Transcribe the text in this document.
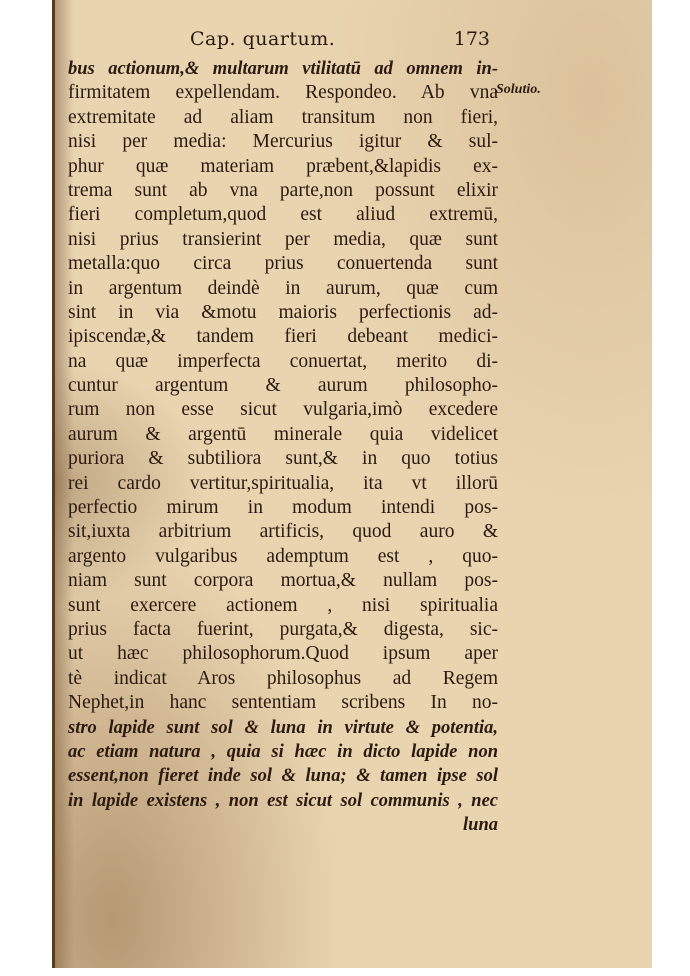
Cap. quartum.	173
Solutio.
bus actionum,& multarum vtilitatū ad omnem in-
firmitatem expellendam. Respondeo. Ab vna
extremitate ad aliam transitum non fieri,
nisi per media: Mercurius igitur & sul-
phur quæ materiam præbent,&lapidis ex-
trema sunt ab vna parte,non possunt elixir
fieri completum,quod est aliud extremū,
nisi prius transierint per media, quæ sunt
metalla:quo circa prius conuertenda sunt
in argentum deindè in aurum, quæ cum
sint in via &motu maioris perfectionis ad-
ipiscendæ,& tandem fieri debeant medici-
na quæ imperfecta conuertat, merito di-
cuntur argentum & aurum philosopho-
rum non esse sicut vulgaria,imò excedere
aurum & argentū minerale quia videlicet
puriora & subtiliora sunt,& in quo totius
rei cardo vertitur,spiritualia, ita vt illorū
perfectio mirum in modum intendi pos-
sit,iuxta arbitrium artificis, quod auro &
argento vulgaribus ademptum est , quo-
niam sunt corpora mortua,& nullam pos-
sunt exercere actionem , nisi spiritualia
prius facta fuerint, purgata,& digesta, sic-
ut hæc philosophorum.Quod ipsum aper
tè indicat Aros philosophus ad Regem
Nephet,in hanc sententiam scribens In no-
stro lapide sunt sol & luna in virtute & potentia,
ac etiam natura , quia si hæc in dicto lapide non
essent,non fieret inde sol & luna; & tamen ipse sol
in lapide existens , non est sicut sol communis , nec
luna
